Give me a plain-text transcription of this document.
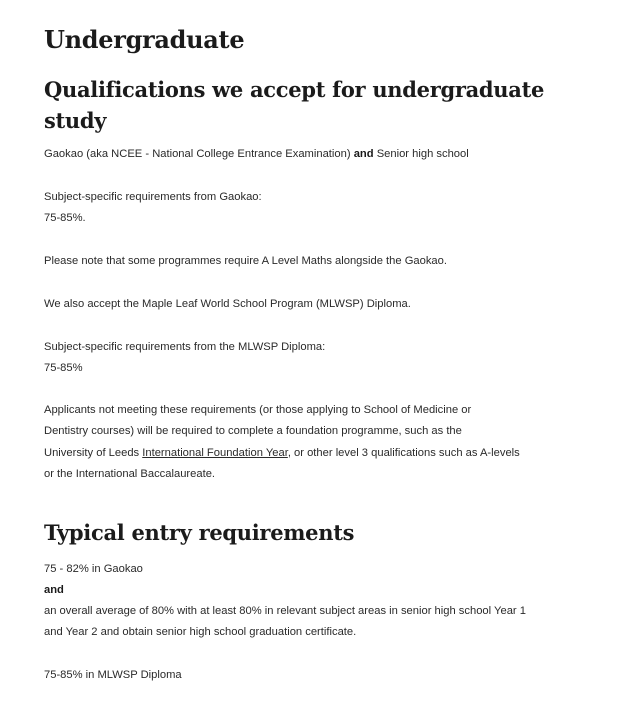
Undergraduate
Qualifications we accept for undergraduate study
Gaokao (aka NCEE - National College Entrance Examination) and Senior high school
Subject-specific requirements from Gaokao:
75-85%.
Please note that some programmes require A Level Maths alongside the Gaokao.
We also accept the Maple Leaf World School Program (MLWSP) Diploma.
Subject-specific requirements from the MLWSP Diploma:
75-85%
Applicants not meeting these requirements (or those applying to School of Medicine or
Dentistry courses) will be required to complete a foundation programme, such as the
University of Leeds International Foundation Year, or other level 3 qualifications such as A-levels
or the International Baccalaureate.
Typical entry requirements
75 - 82% in Gaokao
and
an overall average of 80% with at least 80% in relevant subject areas in senior high school Year 1
and Year 2 and obtain senior high school graduation certificate.
75-85% in MLWSP Diploma
